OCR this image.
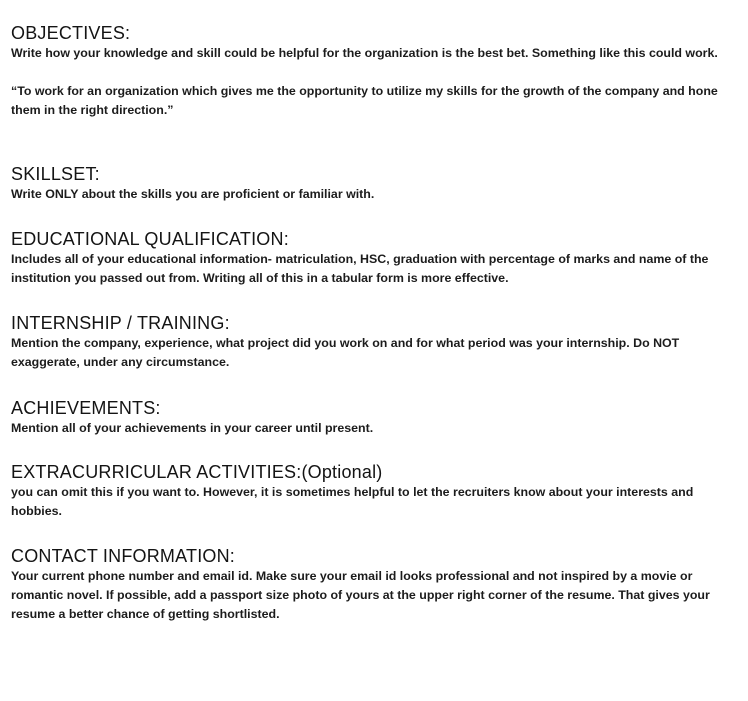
OBJECTIVES:

Write how your knowledge and skill could be helpful for the organization is the best bet. Something like this could work.

“To work for an organization which gives me the opportunity to utilize my skills for the growth of the company and hone them in the right direction.”

SKILLSET:

Write ONLY about the skills you are proficient or familiar with.

EDUCATIONAL QUALIFICATION:

Includes all of your educational information- matriculation, HSC, graduation with percentage of marks and name of the institution you passed out from. Writing all of this in a tabular form is more effective.

INTERNSHIP / TRAINING:

Mention the company, experience, what project did you work on and for what period was your internship. Do NOT exaggerate, under any circumstance.

ACHIEVEMENTS:

Mention all of your achievements in your career until present.

EXTRACURRICULAR ACTIVITIES:(Optional)

you can omit this if you want to. However, it is sometimes helpful to let the recruiters know about your interests and hobbies.

CONTACT INFORMATION:

Your current phone number and email id. Make sure your email id looks professional and not inspired by a movie or romantic novel. If possible, add a passport size photo of yours at the upper right corner of the resume. That gives your resume a better chance of getting shortlisted.
